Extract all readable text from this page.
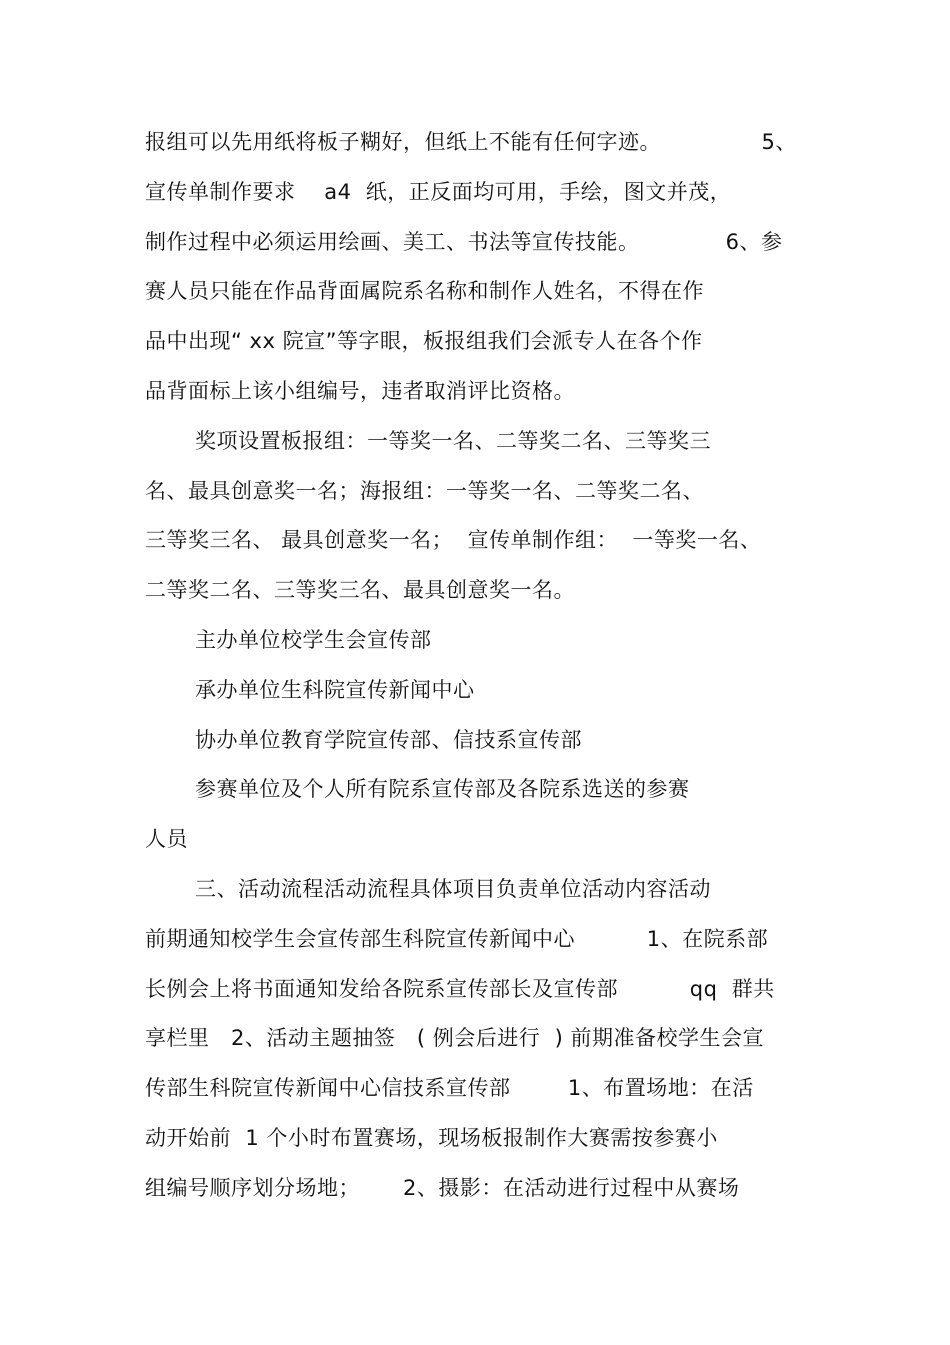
报组可以先用纸将板子糊好，但纸上不能有任何字迹。              5、
宣传单制作要求    a4  纸，正反面均可用，手绘，图文并茂，
制作过程中必须运用绘画、美工、书法等宣传技能。            6、参
赛人员只能在作品背面属院系名称和制作人姓名，不得在作
品中出现“ xx 院宣”等字眼，板报组我们会派专人在各个作
品背面标上该小组编号，违者取消评比资格。
奖项设置板报组：一等奖一名、二等奖二名、三等奖三
名、最具创意奖一名；海报组：一等奖一名、二等奖二名、
三等奖三名、 最具创意奖一名；  宣传单制作组：  一等奖一名、
二等奖二名、三等奖三名、最具创意奖一名。
主办单位校学生会宣传部
承办单位生科院宣传新闻中心
协办单位教育学院宣传部、信技系宣传部
参赛单位及个人所有院系宣传部及各院系选送的参赛
人员
三、活动流程活动流程具体项目负责单位活动内容活动
前期通知校学生会宣传部生科院宣传新闻中心          1、在院系部
长例会上将书面通知发给各院系宣传部长及宣传部          qq  群共
享栏里   2、活动主题抽签   ( 例会后进行  ) 前期准备校学生会宣
传部生科院宣传新闻中心信技系宣传部        1、布置场地：在活
动开始前  1 个小时布置赛场，现场板报制作大赛需按参赛小
组编号顺序划分场地；      2、摄影：在活动进行过程中从赛场
